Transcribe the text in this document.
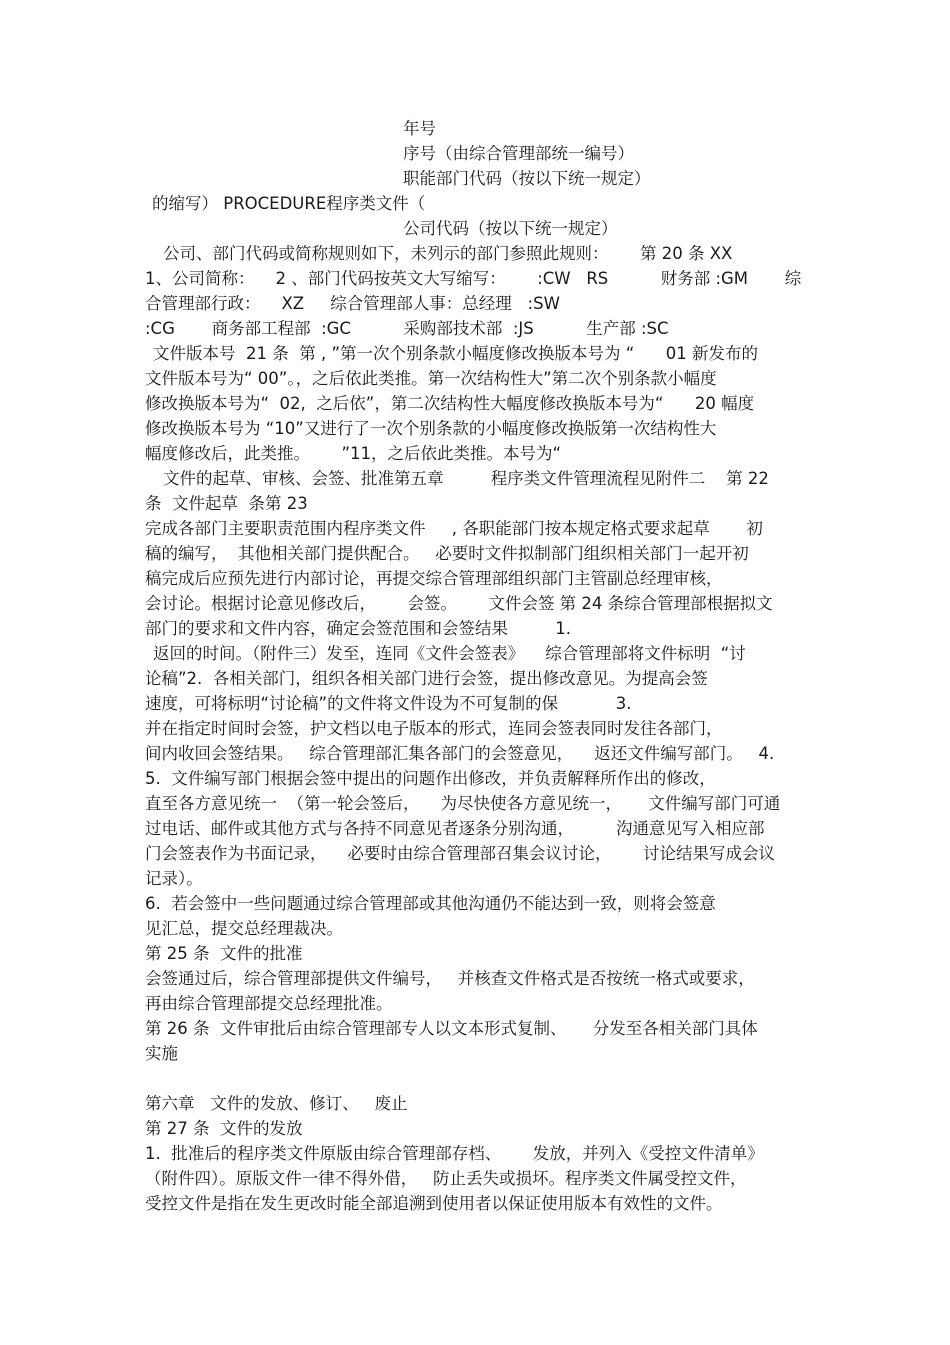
年号
序号（由综合管理部统一编号）
职能部门代码（按以下统一规定）
的缩写） PROCEDURE程序类文件（
公司代码（按以下统一规定）
公司、部门代码或简称规则如下，未列示的部门参照此规则：      第 20 条 XX
1、公司简称：    2 、部门代码按英文大写缩写：      :CW   RS          财务部 :GM       综
合管理部行政：    XZ     综合管理部人事：总经理   :SW
:CG       商务部工程部  :GC          采购部技术部  :JS          生产部 :SC
文件版本号  21 条  第 , ”第一次个别条款小幅度修改换版本号为 “      01 新发布的
文件版本号为“ 00”。，之后依此类推。第一次结构性大”第二次个别条款小幅度
修改换版本号为“  02,  之后依”，第二次结构性大幅度修改换版本号为“      20 幅度
修改换版本号为 “10”又进行了一次个别条款的小幅度修改换版第一次结构性大
幅度修改后，此类推。      ”11，之后依此类推。本号为“
文件的起草、审核、会签、批准第五章         程序类文件管理流程见附件二    第 22
条  文件起草  条第 23
完成各部门主要职责范围内程序类文件     , 各职能部门按本规定格式要求起草       初
稿的编写，  其他相关部门提供配合。   必要时文件拟制部门组织相关部门一起开初
稿完成后应预先进行内部讨论，再提交综合管理部组织部门主管副总经理审核，
会讨论。根据讨论意见修改后，      会签。      文件会签 第 24 条综合管理部根据拟文
部门的要求和文件内容，确定会签范围和会签结果         1.
返回的时间。（附件三）发至，连同《文件会签表》    综合管理部将文件标明  “讨
论稿”2.  各相关部门，组织各相关部门进行会签，提出修改意见。为提高会签
速度，可将标明“讨论稿”的文件将文件设为不可复制的保           3.
并在指定时间时会签，护文档以电子版本的形式，连同会签表同时发往各部门，
间内收回会签结果。   综合管理部汇集各部门的会签意见，    返还文件编写部门。   4.
5.  文件编写部门根据会签中提出的问题作出修改，并负责解释所作出的修改，
直至各方意见统一  （第一轮会签后，    为尽快使各方意见统一，     文件编写部门可通
过电话、邮件或其他方式与各持不同意见者逐条分别沟通，        沟通意见写入相应部
门会签表作为书面记录，    必要时由综合管理部召集会议讨论，      讨论结果写成会议
记录）。
6.  若会签中一些问题通过综合管理部或其他沟通仍不能达到一致，则将会签意
见汇总，提交总经理裁决。
第 25 条  文件的批准
会签通过后，综合管理部提供文件编号，   并核查文件格式是否按统一格式或要求，
再由综合管理部提交总经理批准。
第 26 条  文件审批后由综合管理部专人以文本形式复制、     分发至各相关部门具体
实施
第六章   文件的发放、修订、   废止
第 27 条  文件的发放
1.  批准后的程序类文件原版由综合管理部存档、      发放，并列入《受控文件清单》
（附件四）。原版文件一律不得外借，   防止丢失或损坏。程序类文件属受控文件，
受控文件是指在发生更改时能全部追溯到使用者以保证使用版本有效性的文件。
